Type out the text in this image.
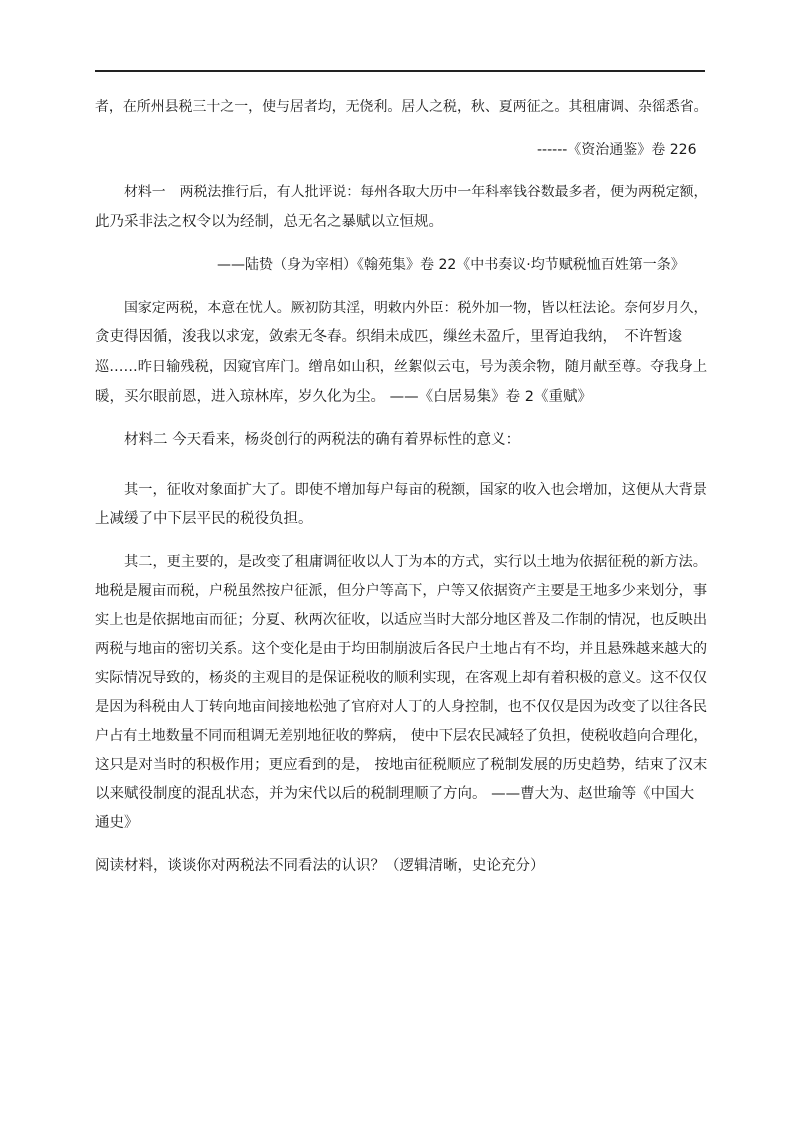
者，在所州县税三十之一，使与居者均，无侥利。居人之税，秋、夏两征之。其租庸调、杂徭悉省。
------《资治通鉴》卷 226
材料一　两税法推行后，有人批评说：每州各取大历中一年科率钱谷数最多者，便为两税定额，
此乃采非法之权令以为经制，总无名之暴赋以立恒规。
——陆贽（身为宰相）《翰苑集》卷 22《中书奏议·均节赋税恤百姓第一条》
国家定两税，本意在忧人。厥初防其淫，明敕内外臣：税外加一物，皆以枉法论。奈何岁月久，
贪吏得因循，浚我以求宠，敛索无冬春。织绢未成匹，缫丝未盈斤，里胥迫我纳，　不许暂逡
巡……昨日输残税，因窥官库门。缯帛如山积，丝絮似云屯，号为羡余物，随月献至尊。夺我身上
暖，买尔眼前恩，进入琼林库，岁久化为尘。 ——《白居易集》卷 2《重赋》
材料二 今天看来，杨炎创行的两税法的确有着界标性的意义：
其一，征收对象面扩大了。即使不增加每户每亩的税额，国家的收入也会增加，这便从大背景
上减缓了中下层平民的税役负担。
其二，更主要的，是改变了租庸调征收以人丁为本的方式，实行以土地为依据征税的新方法。
地税是履亩而税，户税虽然按户征派，但分户等高下，户等又依据资产主要是王地多少来划分，事
实上也是依据地亩而征；分夏、秋两次征收，以适应当时大部分地区普及二作制的情况，也反映出
两税与地亩的密切关系。这个变化是由于均田制崩波后各民户土地占有不均，并且悬殊越来越大的
实际情况导致的，杨炎的主观目的是保证税收的顺利实现，在客观上却有着积极的意义。这不仅仅
是因为科税由人丁转向地亩间接地松弛了官府对人丁的人身控制，也不仅仅是因为改变了以往各民
户占有土地数量不同而租调无差别地征收的弊病， 使中下层农民减轻了负担，使税收趋向合理化，
这只是对当时的积极作用；更应看到的是， 按地亩征税顺应了税制发展的历史趋势，结束了汉末
以来赋役制度的混乱状态，并为宋代以后的税制理顺了方向。 ——曹大为、赵世瑜等《中国大
通史》
阅读材料，谈谈你对两税法不同看法的认识？（逻辑清晰，史论充分）
